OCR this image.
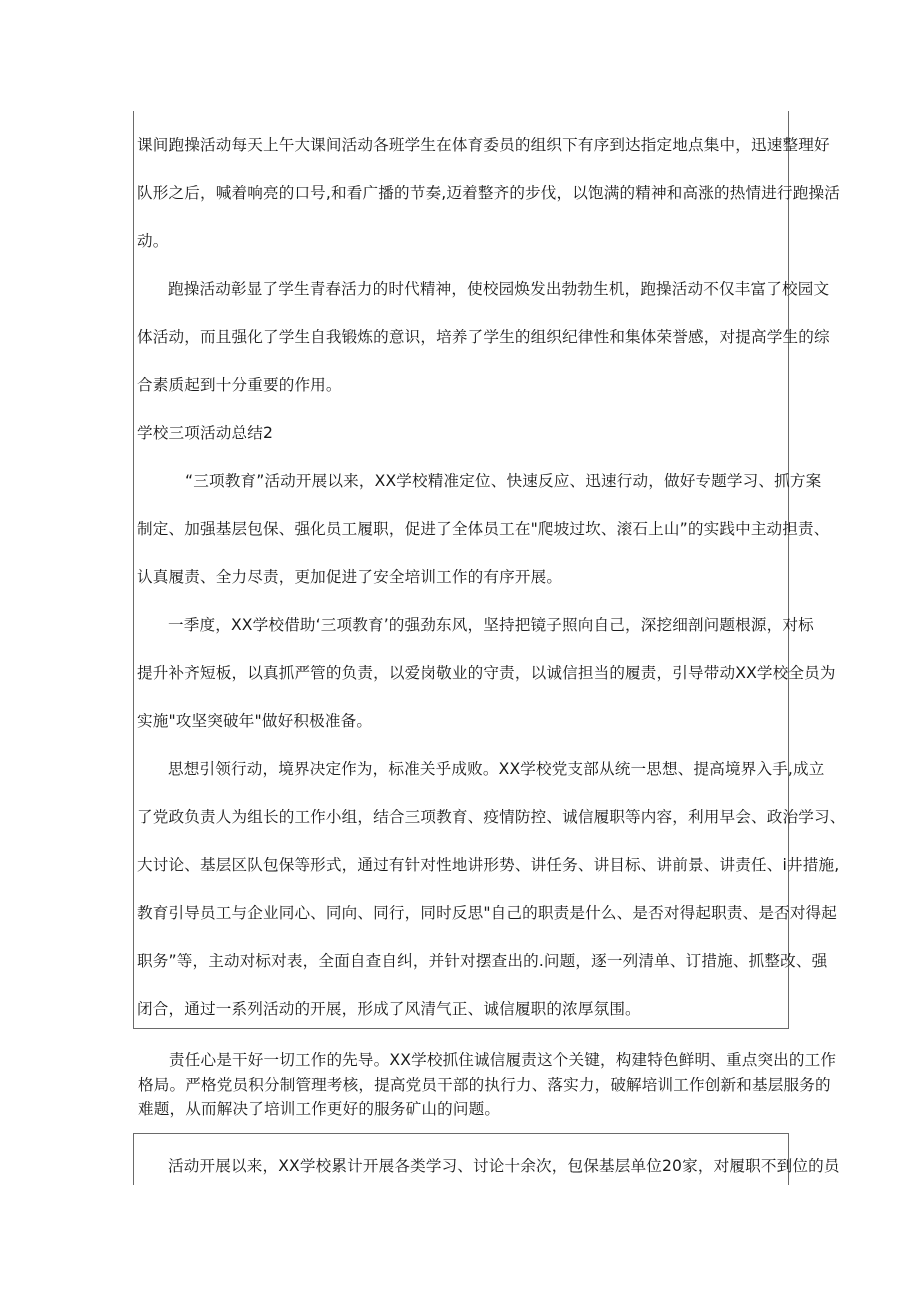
课间跑操活动每天上午大课间活动各班学生在体育委员的组织下有序到达指定地点集中，迅速整理好
队形之后，喊着响亮的口号,和看广播的节奏,迈着整齐的步伐，以饱满的精神和高涨的热情进行跑操活
动。
跑操活动彰显了学生青春活力的时代精神，使校园焕发出勃勃生机，跑操活动不仅丰富了校园文
体活动，而且强化了学生自我锻炼的意识，培养了学生的组织纪律性和集体荣誉感，对提高学生的综
合素质起到十分重要的作用。
学校三项活动总结2
“三项教育”活动开展以来，XX学校精准定位、快速反应、迅速行动，做好专题学习、抓方案
制定、加强基层包保、强化员工履职，促进了全体员工在"爬坡过坎、滚石上山”的实践中主动担责、
认真履责、全力尽责，更加促进了安全培训工作的有序开展。
一季度，XX学校借助‘三项教育’的强劲东风，坚持把镜子照向自己，深挖细剖问题根源，对标
提升补齐短板，以真抓严管的负责，以爱岗敬业的守责，以诚信担当的履责，引导带动XX学校全员为
实施"攻坚突破年"做好积极准备。
思想引领行动，境界决定作为，标准关乎成败。XX学校党支部从统一思想、提高境界入手,成立
了党政负责人为组长的工作小组，结合三项教育、疫情防控、诚信履职等内容，利用早会、政治学习、
大讨论、基层区队包保等形式，通过有针对性地讲形势、讲任务、讲目标、讲前景、讲责任、i井措施,
教育引导员工与企业同心、同向、同行，同时反思"自己的职责是什么、是否对得起职责、是否对得起
职务”等，主动对标对表，全面自查自纠，并针对摆查出的.问题，逐一列清单、订措施、抓整改、强
闭合，通过一系列活动的开展，形成了风清气正、诚信履职的浓厚氛围。
责任心是干好一切工作的先导。XX学校抓住诚信履责这个关键，构建特色鲜明、重点突出的工作
格局。严格党员积分制管理考核，提高党员干部的执行力、落实力，破解培训工作创新和基层服务的
难题，从而解决了培训工作更好的服务矿山的问题。
活动开展以来，XX学校累计开展各类学习、讨论十余次，包保基层单位20家，对履职不到位的员
